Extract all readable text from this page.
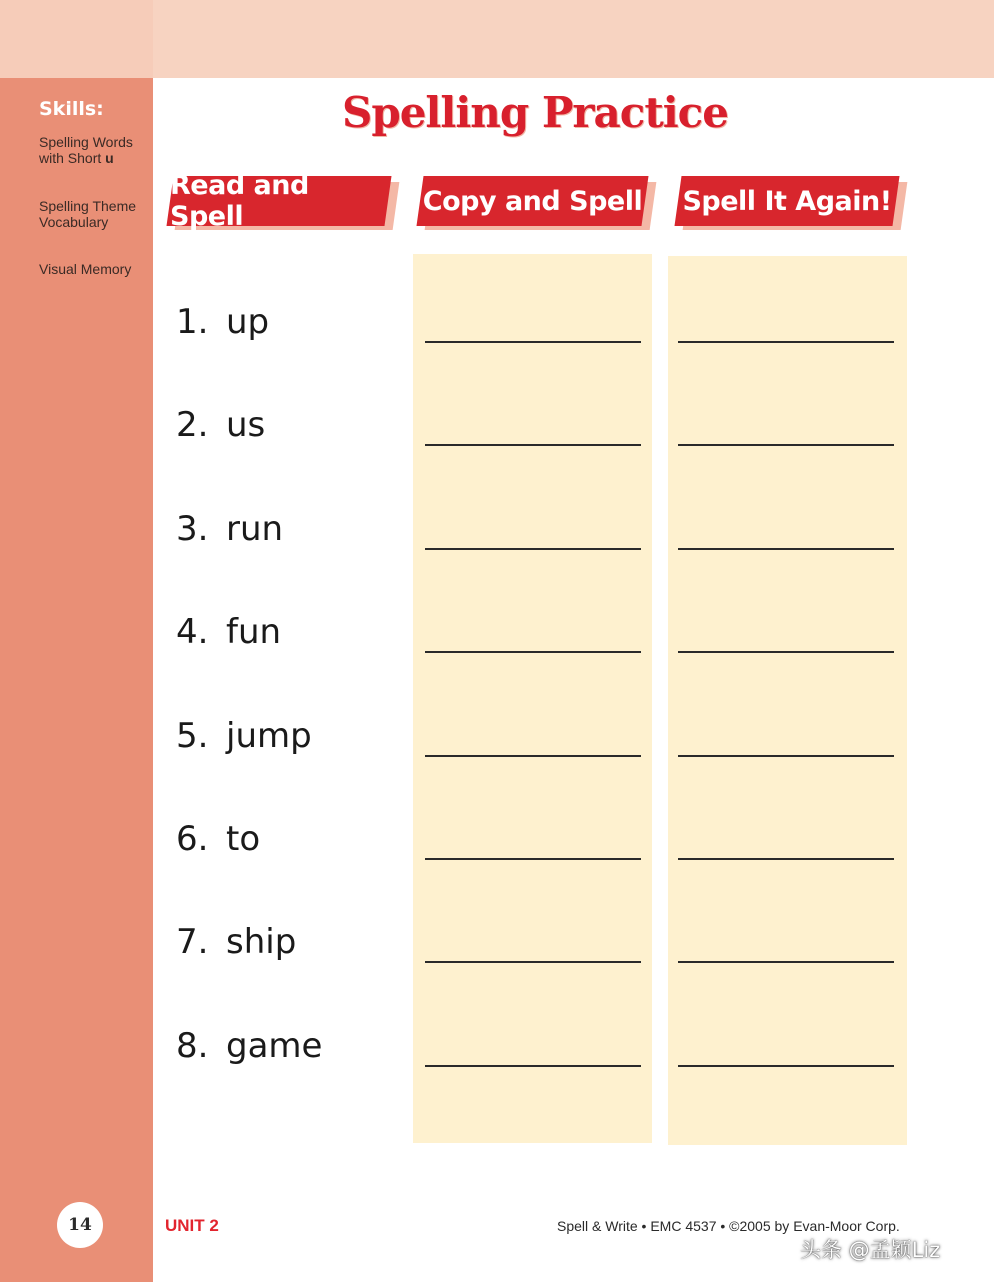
Skills:
Spelling Words with Short u
Spelling Theme Vocabulary
Visual Memory
14
Spelling Practice
Read and Spell	Copy and Spell Spell It Again!
1. up
2. us
3. run
4. fun
5. jump
6. to
7. ship
8. game
UNIT 2	Spell & Write • EMC 4537 • ©2005 by Evan-Moor Corp.
头条 @孟颖Liz
